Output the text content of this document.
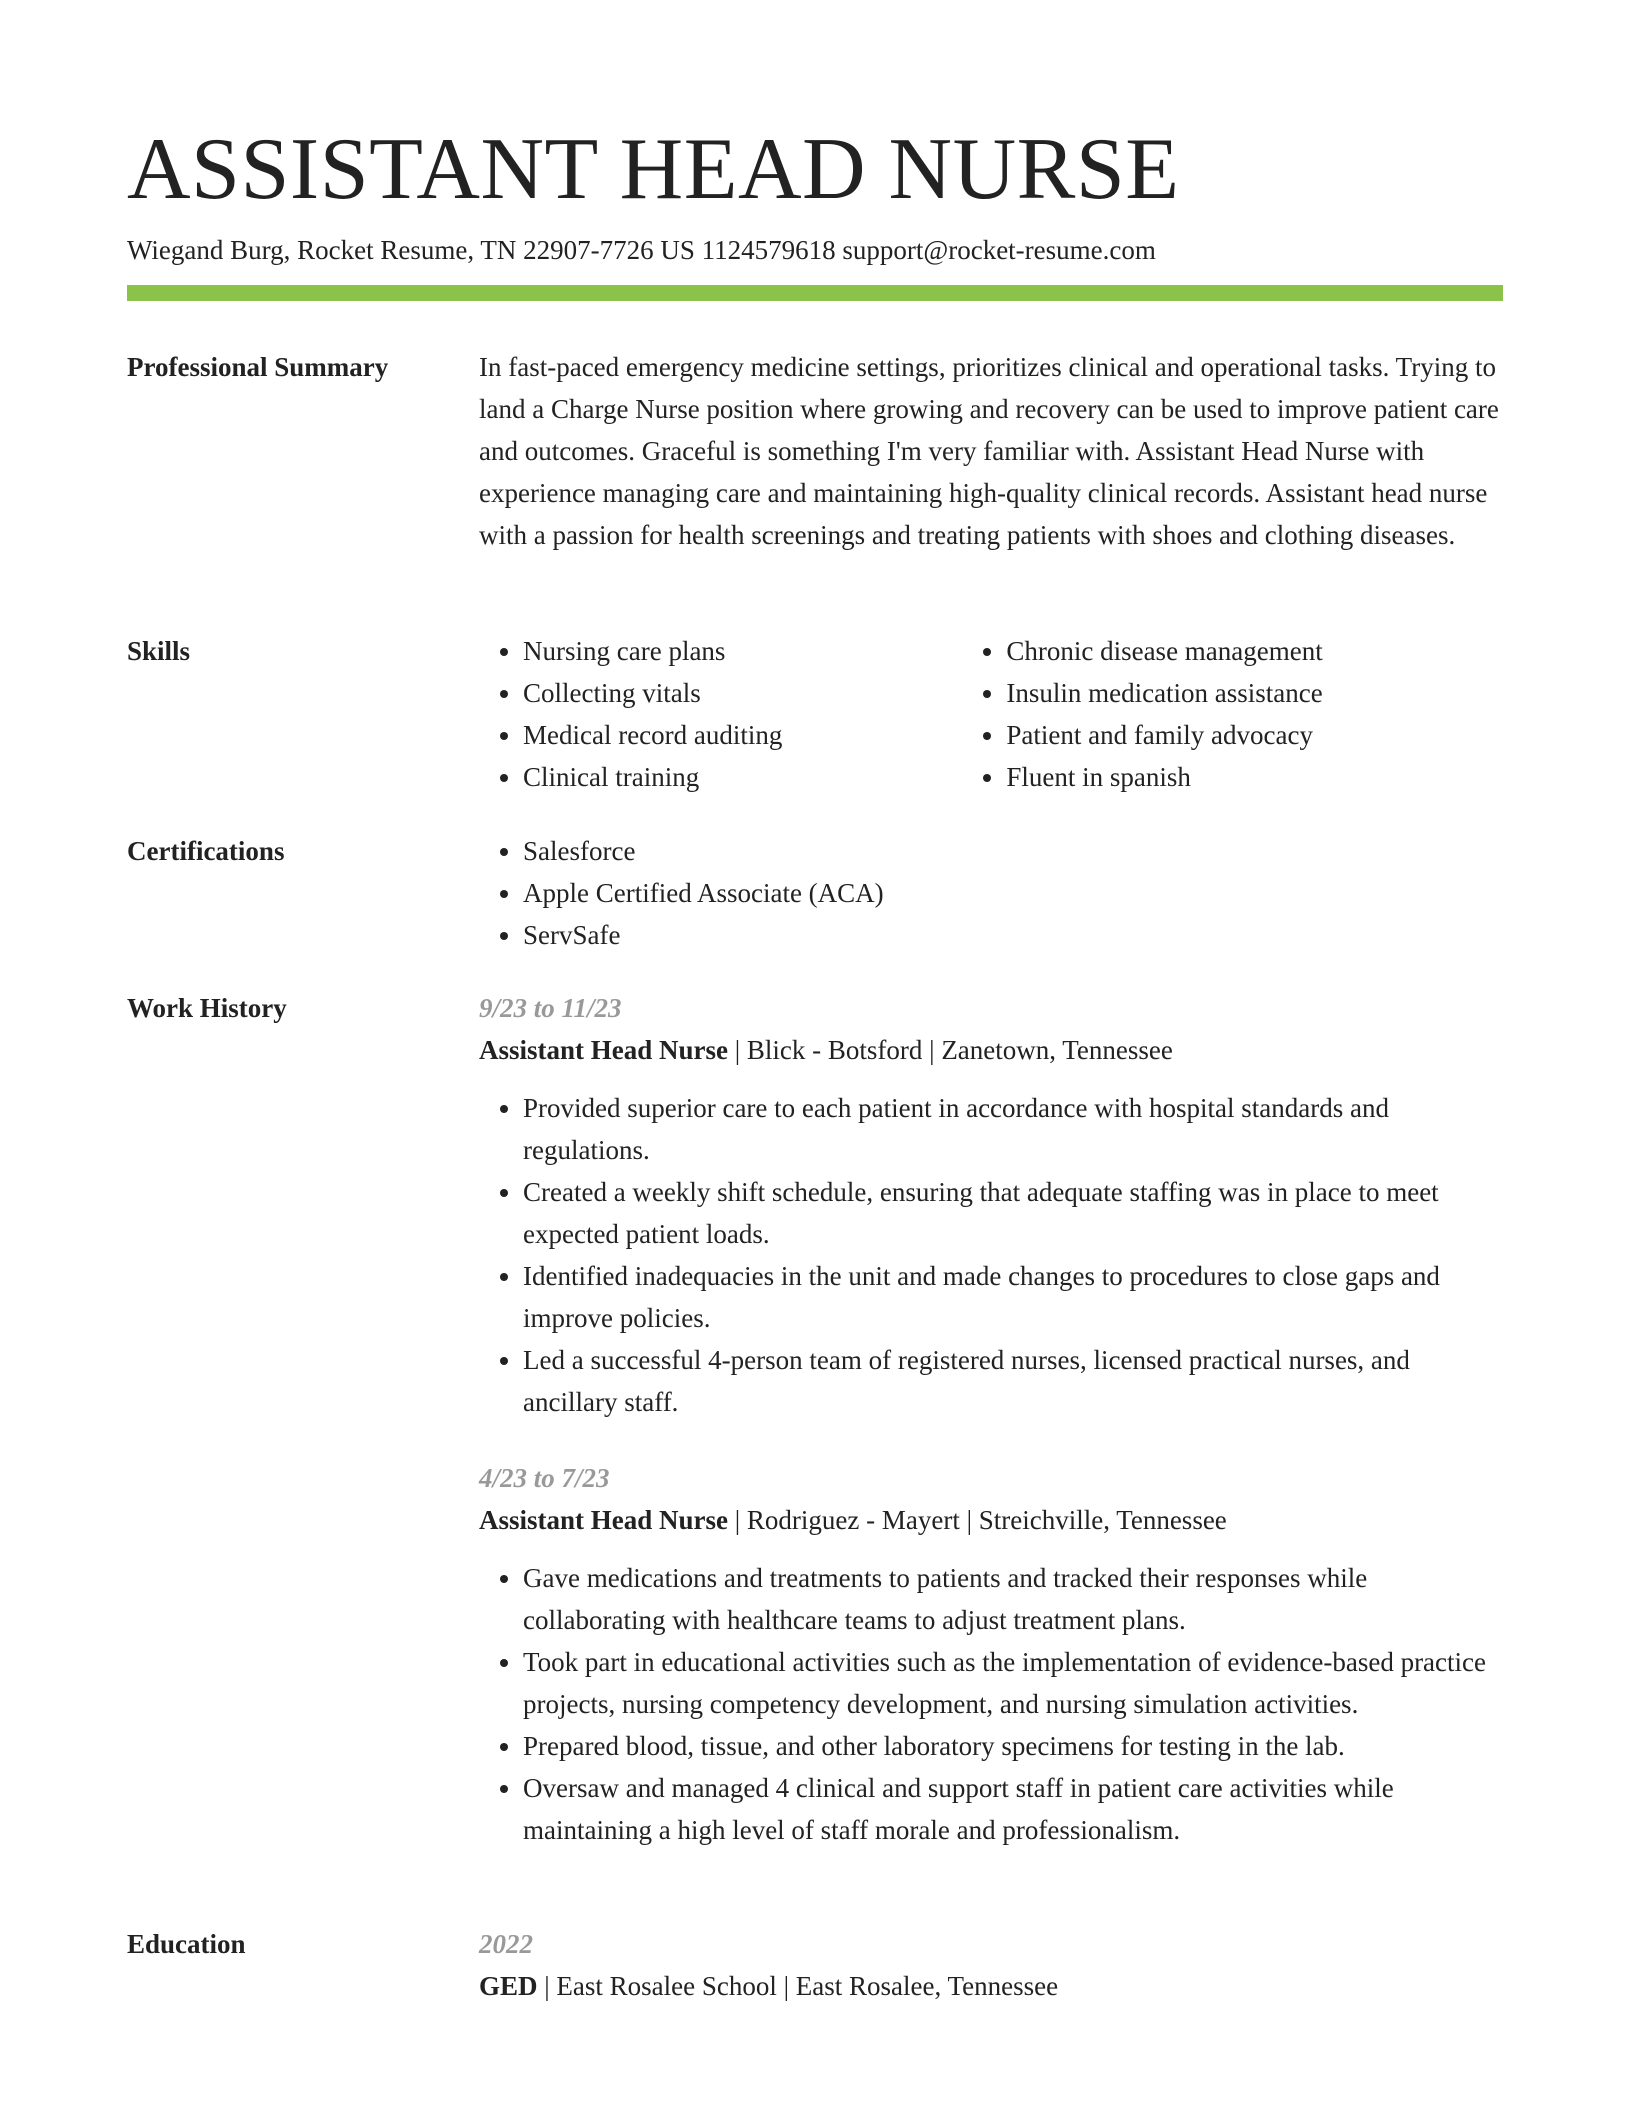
ASSISTANT HEAD NURSE
Wiegand Burg, Rocket Resume, TN 22907-7726 US 1124579618 support@rocket-resume.com
Professional Summary	In fast-paced emergency medicine settings, prioritizes clinical and operational tasks. Trying to land a Charge Nurse position where growing and recovery can be used to improve patient care and outcomes. Graceful is something I'm very familiar with. Assistant Head Nurse with experience managing care and maintaining high-quality clinical records. Assistant head nurse with a passion for health screenings and treating patients with shoes and clothing diseases.

Skills	• Nursing care plans
• Collecting vitals
• Medical record auditing
• Clinical training
• Chronic disease management
• Insulin medication assistance
• Patient and family advocacy
• Fluent in spanish
Certifications	• Salesforce
• Apple Certified Associate (ACA)
• ServSafe
Work History	9/23 to 11/23
Assistant Head Nurse | Blick - Botsford | Zanetown, Tennessee
• Provided superior care to each patient in accordance with hospital standards and regulations.
• Created a weekly shift schedule, ensuring that adequate staffing was in place to meet expected patient loads.
• Identified inadequacies in the unit and made changes to procedures to close gaps and improve policies.
• Led a successful 4-person team of registered nurses, licensed practical nurses, and ancillary staff.
4/23 to 7/23
Assistant Head Nurse | Rodriguez - Mayert | Streichville, Tennessee
• Gave medications and treatments to patients and tracked their responses while collaborating with healthcare teams to adjust treatment plans.
• Took part in educational activities such as the implementation of evidence-based practice projects, nursing competency development, and nursing simulation activities.
• Prepared blood, tissue, and other laboratory specimens for testing in the lab.
• Oversaw and managed 4 clinical and support staff in patient care activities while maintaining a high level of staff morale and professionalism.
Education	2022
GED | East Rosalee School | East Rosalee, Tennessee
